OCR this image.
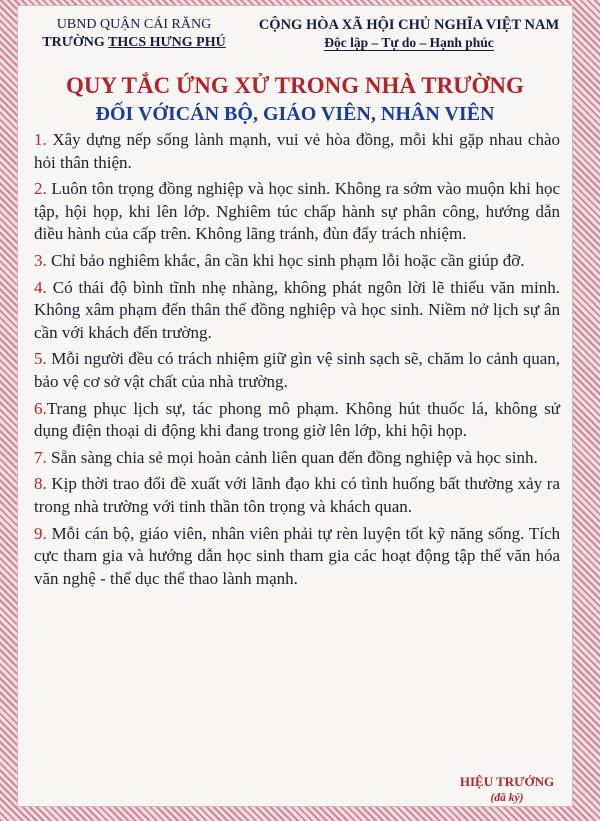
UBND QUẬN CÁI RĂNG
TRƯỜNG THCS HƯNG PHÚ
CỘNG HÒA XÃ HỘI CHỦ NGHĨA VIỆT NAM
Độc lập – Tự do – Hạnh phúc
QUY TẮC ỨNG XỬ TRONG NHÀ TRƯỜNG
ĐỐI VỚICÁN BỘ, GIÁO VIÊN, NHÂN VIÊN
1. Xây dựng nếp sống lành mạnh, vui vẻ hòa đồng, mỗi khi gặp nhau chào hỏi thân thiện.
2. Luôn tôn trọng đồng nghiệp và học sinh. Không ra sớm vào muộn khi học tập, hội họp, khi lên lớp. Nghiêm túc chấp hành sự phân công, hướng dẫn điều hành của cấp trên. Không lãng tránh, đùn đẩy trách nhiệm.
3. Chỉ bảo nghiêm khắc, ân cần khi học sinh phạm lỗi hoặc cần giúp đỡ.
4. Có thái độ bình tĩnh nhẹ nhàng, không phát ngôn lời lẽ thiếu văn minh. Không xâm phạm đến thân thể đồng nghiệp và học sinh. Niềm nở lịch sự ân cần với khách đến trường.
5. Mỗi người đều có trách nhiệm giữ gìn vệ sinh sạch sẽ, chăm lo cảnh quan, bảo vệ cơ sở vật chất của nhà trường.
6.Trang phục lịch sự, tác phong mô phạm. Không hút thuốc lá, không sử dụng điện thoại di động khi đang trong giờ lên lớp, khi hội họp.
7. Sẵn sàng chia sẻ mọi hoàn cảnh liên quan đến đồng nghiệp và học sinh.
8. Kịp thời trao đổi đề xuất với lãnh đạo khi có tình huống bất thường xảy ra trong nhà trường với tinh thần tôn trọng và khách quan.
9. Mỗi cán bộ, giáo viên, nhân viên phải tự rèn luyện tốt kỹ năng sống. Tích cực tham gia và hướng dẫn học sinh tham gia các hoạt động tập thể văn hóa văn nghệ - thể dục thể thao lành mạnh.
HIỆU TRƯỞNG
(đã ký)
